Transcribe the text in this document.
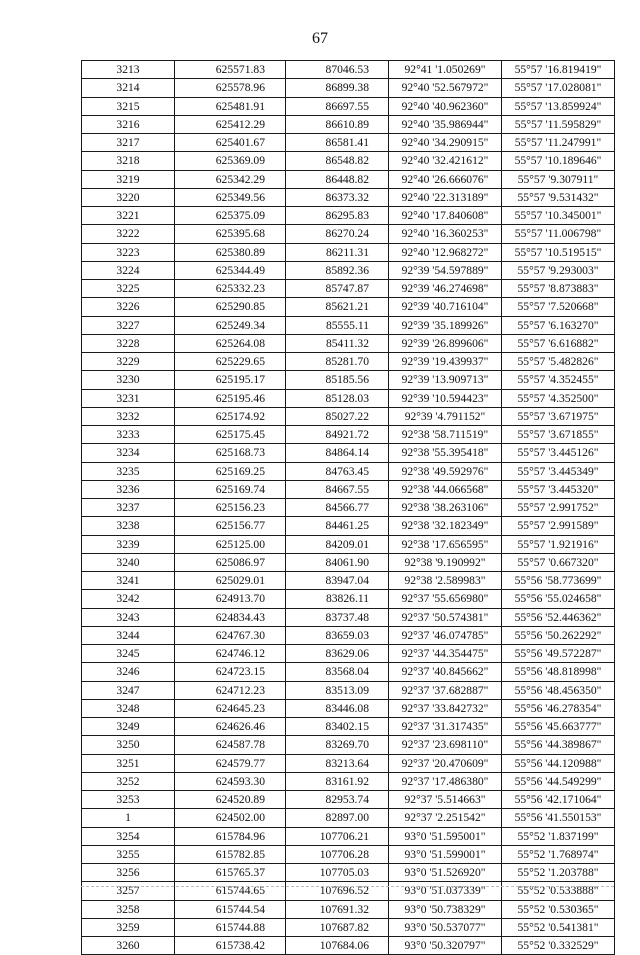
67
3213	625571.83	87046.53	92°41 '1.050269"	55°57 '16.819419"
3214	625578.96	86899.38	92°40 '52.567972"	55°57 '17.028081"
3215	625481.91	86697.55	92°40 '40.962360"	55°57 '13.859924"
3216	625412.29	86610.89	92°40 '35.986944"	55°57 '11.595829"
3217	625401.67	86581.41	92°40 '34.290915"	55°57 '11.247991"
3218	625369.09	86548.82	92°40 '32.421612"	55°57 '10.189646"
3219	625342.29	86448.82	92°40 '26.666076"	55°57 '9.307911"
3220	625349.56	86373.32	92°40 '22.313189"	55°57 '9.531432"
3221	625375.09	86295.83	92°40 '17.840608"	55°57 '10.345001"
3222	625395.68	86270.24	92°40 '16.360253"	55°57 '11.006798"
3223	625380.89	86211.31	92°40 '12.968272"	55°57 '10.519515"
3224	625344.49	85892.36	92°39 '54.597889"	55°57 '9.293003"
3225	625332.23	85747.87	92°39 '46.274698"	55°57 '8.873883"
3226	625290.85	85621.21	92°39 '40.716104"	55°57 '7.520668"
3227	625249.34	85555.11	92°39 '35.189926"	55°57 '6.163270"
3228	625264.08	85411.32	92°39 '26.899606"	55°57 '6.616882"
3229	625229.65	85281.70	92°39 '19.439937"	55°57 '5.482826"
3230	625195.17	85185.56	92°39 '13.909713"	55°57 '4.352455"
3231	625195.46	85128.03	92°39 '10.594423"	55°57 '4.352500"
3232	625174.92	85027.22	92°39 '4.791152"	55°57 '3.671975"
3233	625175.45	84921.72	92°38 '58.711519"	55°57 '3.671855"
3234	625168.73	84864.14	92°38 '55.395418"	55°57 '3.445126"
3235	625169.25	84763.45	92°38 '49.592976"	55°57 '3.445349"
3236	625169.74	84667.55	92°38 '44.066568"	55°57 '3.445320"
3237	625156.23	84566.77	92°38 '38.263106"	55°57 '2.991752"
3238	625156.77	84461.25	92°38 '32.182349"	55°57 '2.991589"
3239	625125.00	84209.01	92°38 '17.656595"	55°57 '1.921916"
3240	625086.97	84061.90	92°38 '9.190992"	55°57 '0.667320"
3241	625029.01	83947.04	92°38 '2.589983"	55°56 '58.773699"
3242	624913.70	83826.11	92°37 '55.656980"	55°56 '55.024658"
3243	624834.43	83737.48	92°37 '50.574381"	55°56 '52.446362"
3244	624767.30	83659.03	92°37 '46.074785"	55°56 '50.262292"
3245	624746.12	83629.06	92°37 '44.354475"	55°56 '49.572287"
3246	624723.15	83568.04	92°37 '40.845662"	55°56 '48.818998"
3247	624712.23	83513.09	92°37 '37.682887"	55°56 '48.456350"
3248	624645.23	83446.08	92°37 '33.842732"	55°56 '46.278354"
3249	624626.46	83402.15	92°37 '31.317435"	55°56 '45.663777"
3250	624587.78	83269.70	92°37 '23.698110"	55°56 '44.389867"
3251	624579.77	83213.64	92°37 '20.470609"	55°56 '44.120988"
3252	624593.30	83161.92	92°37 '17.486380"	55°56 '44.549299"
3253	624520.89	82953.74	92°37 '5.514663"	55°56 '42.171064"
1	624502.00	82897.00	92°37 '2.251542"	55°56 '41.550153"
3254	615784.96	107706.21	93°0 '51.595001"	55°52 '1.837199"
3255	615782.85	107706.28	93°0 '51.599001"	55°52 '1.768974"
3256	615765.37	107705.03	93°0 '51.526920"	55°52 '1.203788"
3257	615744.65	107696.52	93°0 '51.037339"	55°52 '0.533888"
3258	615744.54	107691.32	93°0 '50.738329"	55°52 '0.530365"
3259	615744.88	107687.82	93°0 '50.537077"	55°52 '0.541381"
3260	615738.42	107684.06	93°0 '50.320797"	55°52 '0.332529"
